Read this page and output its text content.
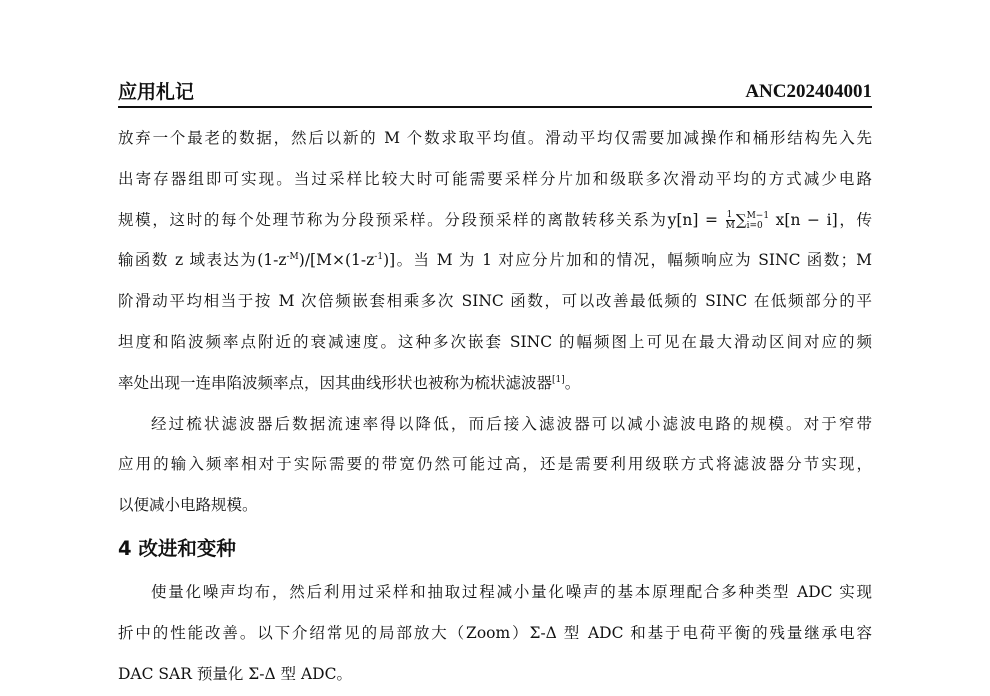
应用札记	ANC202404001
放弃一个最老的数据，然后以新的 M 个数求取平均值。滑动平均仅需要加减操作和桶形结构先入先
出寄存器组即可实现。当过采样比较大时可能需要采样分片加和级联多次滑动平均的方式减少电路
规模，这时的每个处理节称为分段预采样。分段预采样的离散转移关系为$y[n] = \frac{1}{M}$ ∑ M−1
i=0 x[n − i]，传
输函数 z 域表达为$(1-z^{-M})/[M\times(1-z^{-1})]$。当 M 为 1 对应分片加和的情况，幅频响应为 SINC 函数；M
阶滑动平均相当于按 M 次倍频嵌套相乘多次 SINC 函数，可以改善最低频的 SINC 在低频部分的平
坦度和陷波频率点附近的衰减速度。这种多次嵌套 SINC 的幅频图上可见在最大滑动区间对应的频
率处出现一连串陷波频率点，因其曲线形状也被称为梳状滤波器[1]。
经过梳状滤波器后数据流速率得以降低，而后接入滤波器可以减小滤波电路的规模。对于窄带
应用的输入频率相对于实际需要的带宽仍然可能过高，还是需要利用级联方式将滤波器分节实现，
以便减小电路规模。
4 改进和变种
使量化噪声均布，然后利用过采样和抽取过程减小量化噪声的基本原理配合多种类型 ADC 实现
折中的性能改善。以下介绍常见的局部放大（Zoom）Σ-Δ 型 ADC 和基于电荷平衡的残量继承电容
DAC SAR 预量化 Σ-Δ 型 ADC。
